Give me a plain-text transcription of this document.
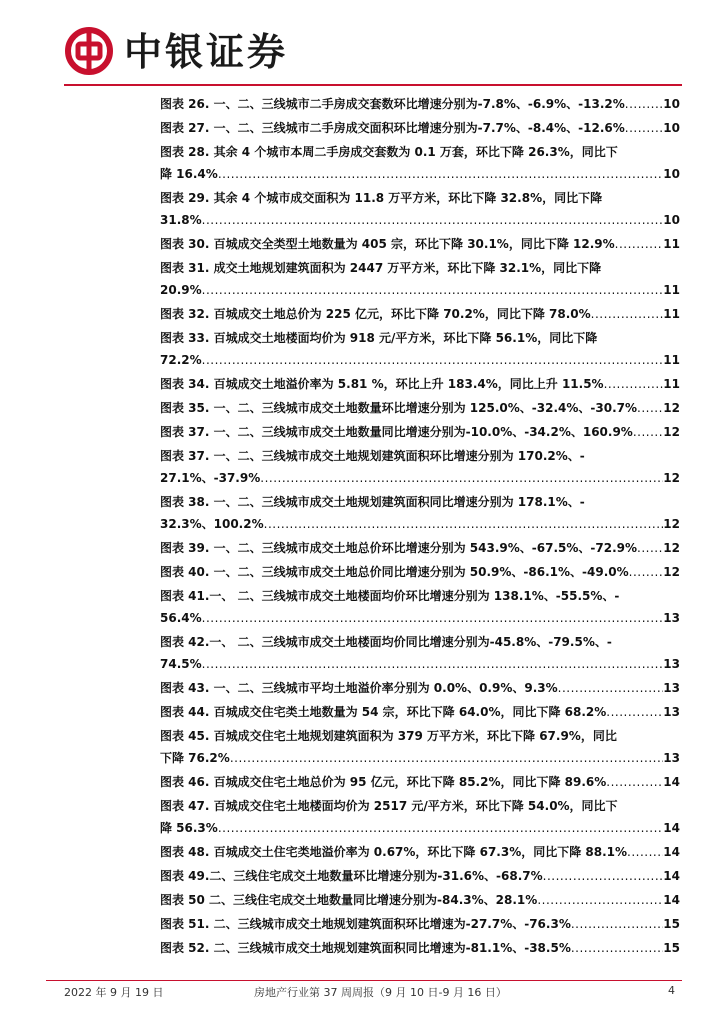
中银证券
图表 26. 一、二、三线城市二手房成交套数环比增速分别为-7.8%、-6.9%、-13.2% .....	10
图表 27. 一、二、三线城市二手房成交面积环比增速分别为-7.7%、-8.4%、-12.6% .....	10
图表 28. 其余 4 个城市本周二手房成交套数为 0.1 万套，环比下降 26.3%，同比下
降 16.4% .....	10
图表 29. 其余 4 个城市成交面积为 11.8 万平方米，环比下降 32.8%，同比下降
31.8% .....	10
图表 30. 百城成交全类型土地数量为 405 宗，环比下降 30.1%，同比下降 12.9% .....	11
图表 31. 成交土地规划建筑面积为 2447 万平方米，环比下降 32.1%，同比下降
20.9% .....	11
图表 32. 百城成交土地总价为 225 亿元，环比下降 70.2%，同比下降 78.0% .....	11
图表 33. 百城成交土地楼面均价为 918 元/平方米，环比下降 56.1%，同比下降
72.2% .....	11
图表 34. 百城成交土地溢价率为 5.81 %，环比上升 183.4%，同比上升 11.5% .....	11
图表 35. 一、二、三线城市成交土地数量环比增速分别为 125.0%、-32.4%、-30.7% ..... 12
图表 37. 一、二、三线城市成交土地数量同比增速分别为-10.0%、-34.2%、160.9% .....	12
图表 37. 一、二、三线城市成交土地规划建筑面积环比增速分别为 170.2%、-
27.1%、-37.9% .....	12
图表 38. 一、二、三线城市成交土地规划建筑面积同比增速分别为 178.1%、-
32.3%、100.2% .....	12
图表 39. 一、二、三线城市成交土地总价环比增速分别为 543.9%、-67.5%、-72.9% ..... 12
图表 40. 一、二、三线城市成交土地总价同比增速分别为 50.9%、-86.1%、-49.0% .....	12
图表 41.一、 二、三线城市成交土地楼面均价环比增速分别为 138.1%、-55.5%、-
56.4% .....	13
图表 42.一、 二、三线城市成交土地楼面均价同比增速分别为-45.8%、-79.5%、-
74.5% .....	13
图表 43. 一、二、三线城市平均土地溢价率分别为 0.0%、0.9%、9.3% .....	13
图表 44. 百城成交住宅类土地数量为 54 宗，环比下降 64.0%，同比下降 68.2% .....	13
图表 45. 百城成交住宅土地规划建筑面积为 379 万平方米，环比下降 67.9%，同比
下降 76.2% .....	13
图表 46. 百城成交住宅土地总价为 95 亿元，环比下降 85.2%，同比下降 89.6% .....	14
图表 47. 百城成交住宅土地楼面均价为 2517 元/平方米，环比下降 54.0%，同比下
降 56.3% .....	14
图表 48. 百城成交土住宅类地溢价率为 0.67%，环比下降 67.3%，同比下降 88.1% .....	14
图表 49.二、三线住宅成交土地数量环比增速分别为-31.6%、-68.7% .....	14
图表 50 二、三线住宅成交土地数量同比增速分别为-84.3%、28.1% .....	14
图表 51. 二、三线城市成交土地规划建筑面积环比增速为-27.7%、-76.3% .....	15
图表 52. 二、三线城市成交土地规划建筑面积同比增速为-81.1%、-38.5% .....	15
2022 年 9 月 19 日	房地产行业第 37 周周报（9 月 10 日-9 月 16 日）	4
